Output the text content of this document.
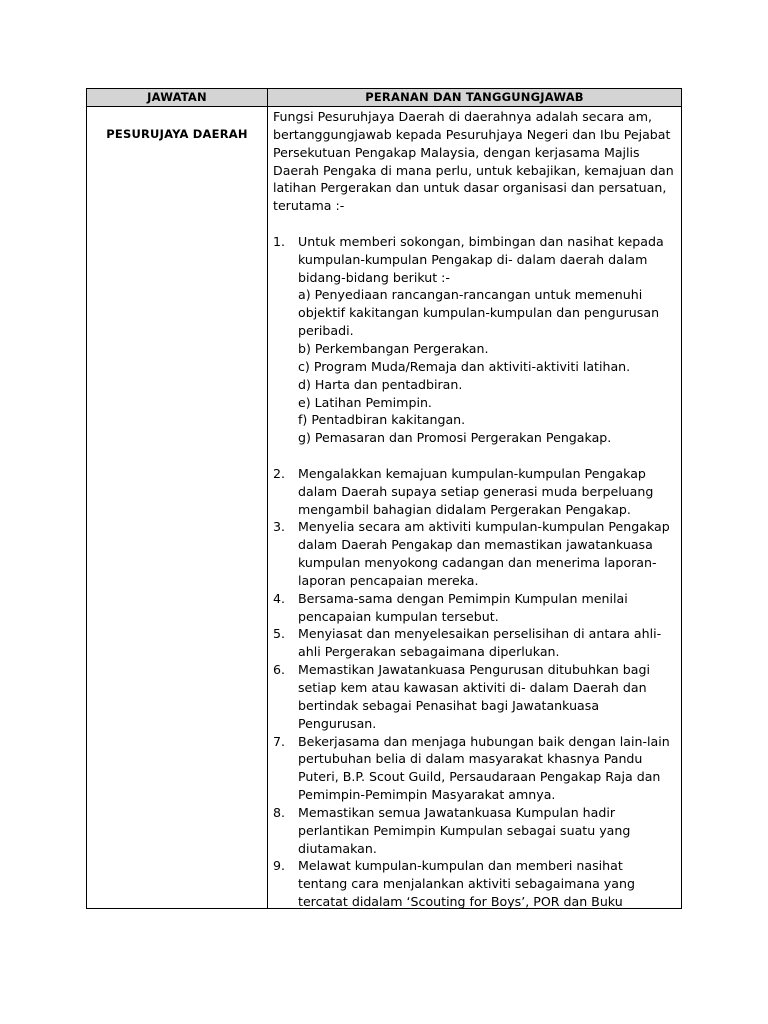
JAWATAN	PERANAN DAN TANGGUNGJAWAB
PESURUJAYA DAERAH

Fungsi Pesuruhjaya Daerah di daerahnya adalah secara am,
bertanggungjawab kepada Pesuruhjaya Negeri dan Ibu Pejabat
Persekutuan Pengakap Malaysia, dengan kerjasama Majlis
Daerah Pengaka di mana perlu, untuk kebajikan, kemajuan dan
latihan Pergerakan dan untuk dasar organisasi dan persatuan,
terutama :-

1. Untuk memberi sokongan, bimbingan dan nasihat kepada
kumpulan-kumpulan Pengakap di- dalam daerah dalam
bidang-bidang berikut :-
a) Penyediaan rancangan-rancangan untuk memenuhi
objektif kakitangan kumpulan-kumpulan dan pengurusan
peribadi.
b) Perkembangan Pergerakan.
c) Program Muda/Remaja dan aktiviti-aktiviti latihan.
d) Harta dan pentadbiran.
e) Latihan Pemimpin.
f) Pentadbiran kakitangan.
g) Pemasaran dan Promosi Pergerakan Pengakap.
2. Mengalakkan kemajuan kumpulan-kumpulan Pengakap
dalam Daerah supaya setiap generasi muda berpeluang
mengambil bahagian didalam Pergerakan Pengakap.
3. Menyelia secara am aktiviti kumpulan-kumpulan Pengakap
dalam Daerah Pengakap dan memastikan jawatankuasa
kumpulan menyokong cadangan dan menerima laporan-
laporan pencapaian mereka.
4. Bersama-sama dengan Pemimpin Kumpulan menilai
pencapaian kumpulan tersebut.
5. Menyiasat dan menyelesaikan perselisihan di antara ahli-
ahli Pergerakan sebagaimana diperlukan.
6. Memastikan Jawatankuasa Pengurusan ditubuhkan bagi
setiap kem atau kawasan aktiviti di- dalam Daerah dan
bertindak sebagai Penasihat bagi Jawatankuasa
Pengurusan.
7. Bekerjasama dan menjaga hubungan baik dengan lain-lain
pertubuhan belia di dalam masyarakat khasnya Pandu
Puteri, B.P. Scout Guild, Persaudaraan Pengakap Raja dan
Pemimpin-Pemimpin Masyarakat amnya.
8. Memastikan semua Jawatankuasa Kumpulan hadir
perlantikan Pemimpin Kumpulan sebagai suatu yang
diutamakan.
9. Melawat kumpulan-kumpulan dan memberi nasihat
tentang cara menjalankan aktiviti sebagaimana yang
tercatat didalam ‘Scouting for Boys’, POR dan Buku
